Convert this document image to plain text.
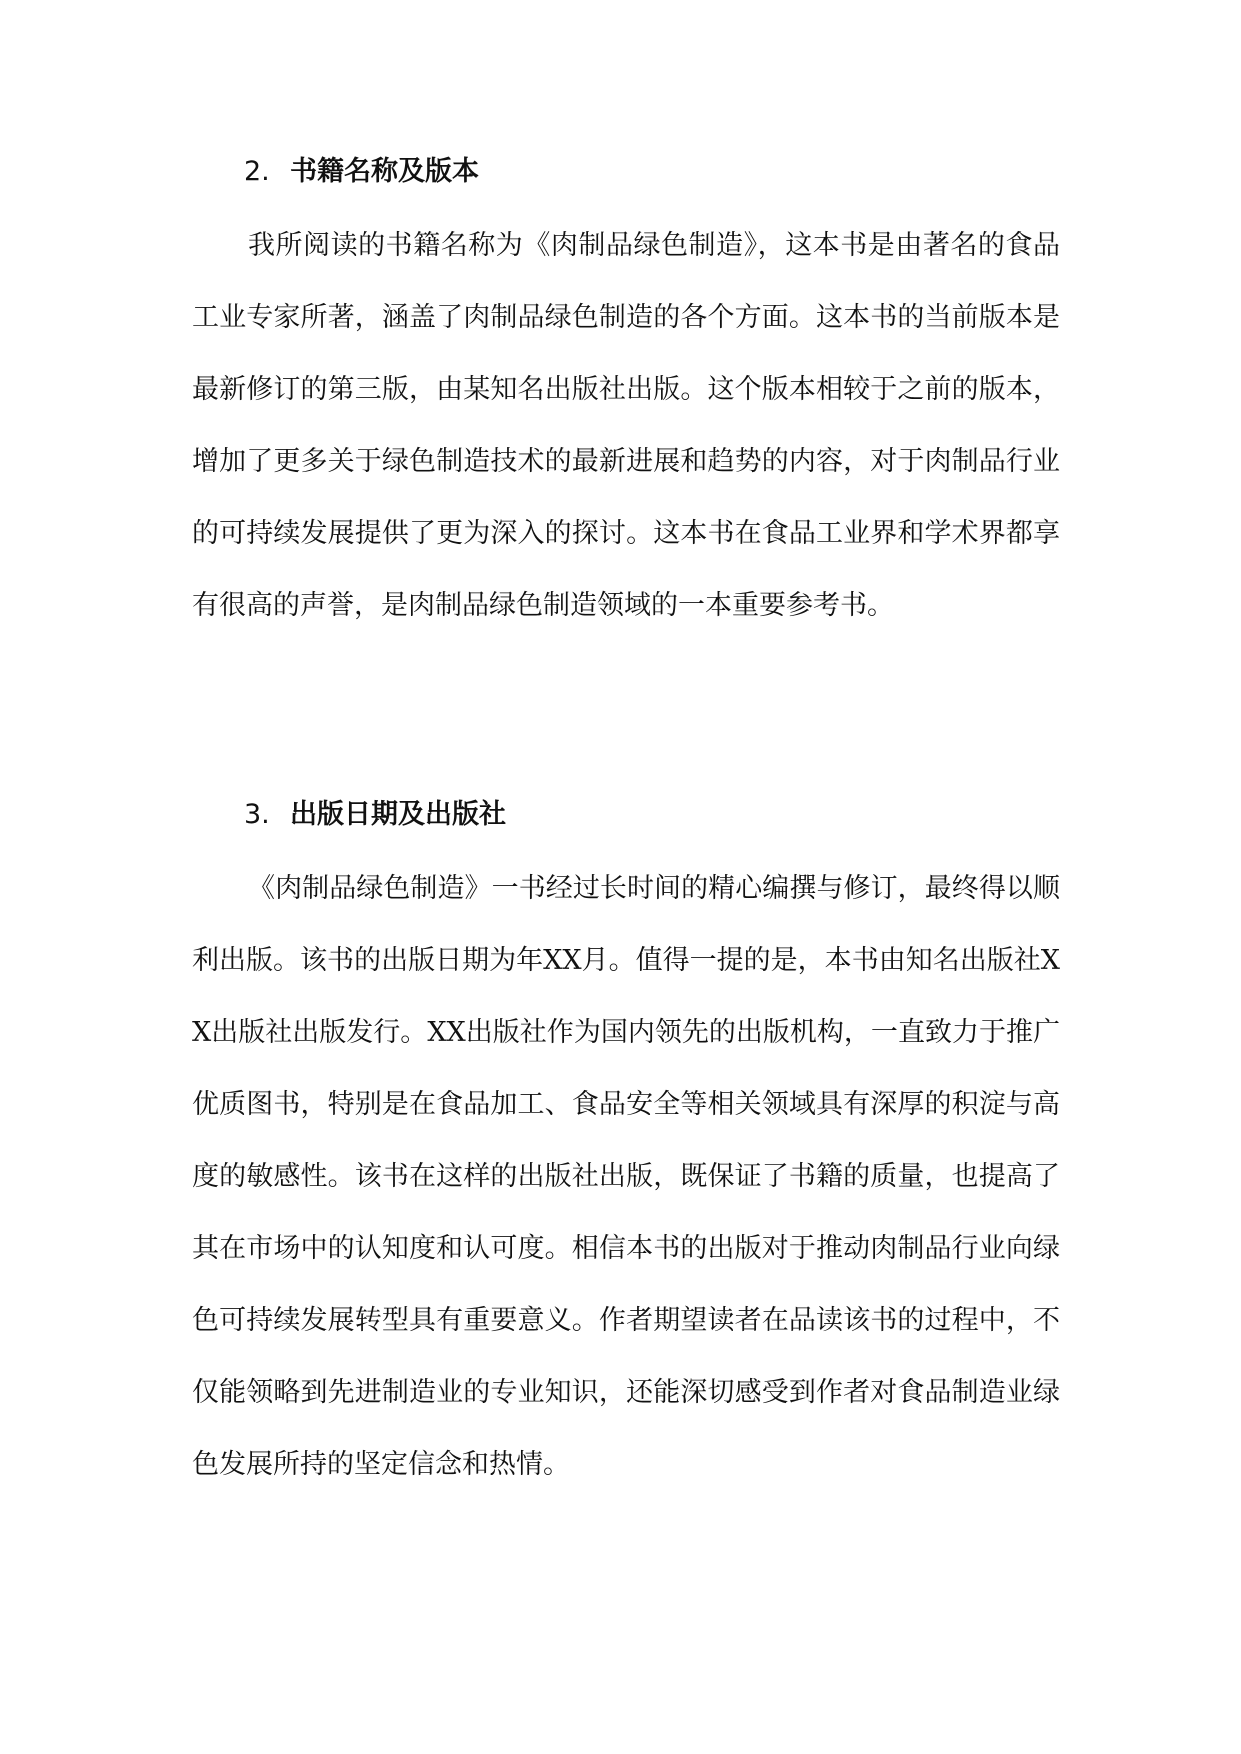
2. 书籍名称及版本

我所阅读的书籍名称为《肉制品绿色制造》，这本书是由著名的食品工业专家所著，涵盖了肉制品绿色制造的各个方面。这本书的当前版本是最新修订的第三版，由某知名出版社出版。这个版本相较于之前的版本，增加了更多关于绿色制造技术的最新进展和趋势的内容，对于肉制品行业的可持续发展提供了更为深入的探讨。这本书在食品工业界和学术界都享有很高的声誉，是肉制品绿色制造领域的一本重要参考书。

3. 出版日期及出版社

《肉制品绿色制造》一书经过长时间的精心编撰与修订，最终得以顺利出版。该书的出版日期为年XX月。值得一提的是，本书由知名出版社XX出版社出版发行。XX出版社作为国内领先的出版机构，一直致力于推广优质图书，特别是在食品加工、食品安全等相关领域具有深厚的积淀与高度的敏感性。该书在这样的出版社出版，既保证了书籍的质量，也提高了其在市场中的认知度和认可度。相信本书的出版对于推动肉制品行业向绿色可持续发展转型具有重要意义。作者期望读者在品读该书的过程中，不仅能领略到先进制造业的专业知识，还能深切感受到作者对食品制造业绿色发展所持的坚定信念和热情。
